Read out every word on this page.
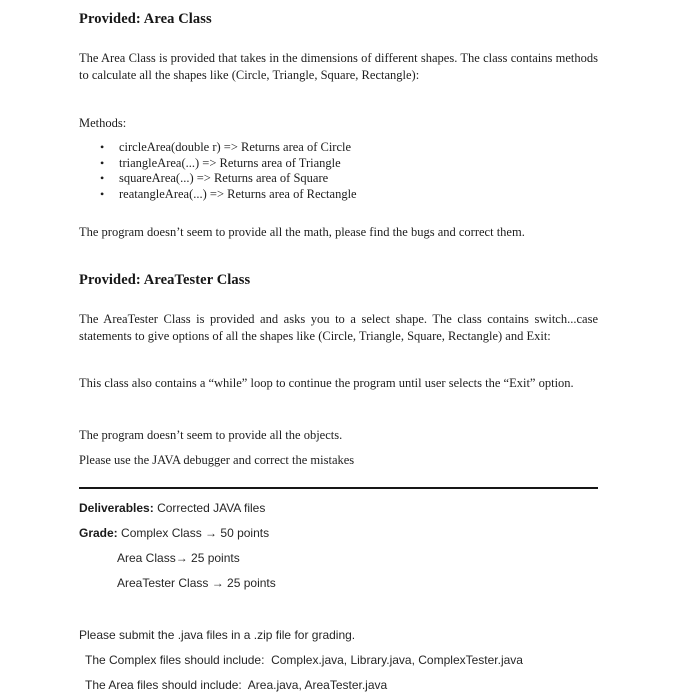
Provided: Area Class

The Area Class is provided that takes in the dimensions of different shapes. The class contains methods to calculate all the shapes like (Circle, Triangle, Square, Rectangle):

Methods:

• circleArea(double r) => Returns area of Circle
• triangleArea(...) => Returns area of Triangle
• squareArea(...) => Returns area of Square
• reatangleArea(...) => Returns area of Rectangle

The program doesn’t seem to provide all the math, please find the bugs and correct them.

Provided: AreaTester Class

The AreaTester Class is provided and asks you to a select shape. The class contains switch...case statements to give options of all the shapes like (Circle, Triangle, Square, Rectangle) and Exit:

This class also contains a “while” loop to continue the program until user selects the “Exit” option.

The program doesn’t seem to provide all the objects.

Please use the JAVA debugger and correct the mistakes

Deliverables: Corrected JAVA files

Grade: Complex Class → 50 points

Area Class→ 25 points

AreaTester Class → 25 points

Please submit the .java files in a .zip file for grading.

The Complex files should include:  Complex.java, Library.java, ComplexTester.java

The Area files should include:  Area.java, AreaTester.java
